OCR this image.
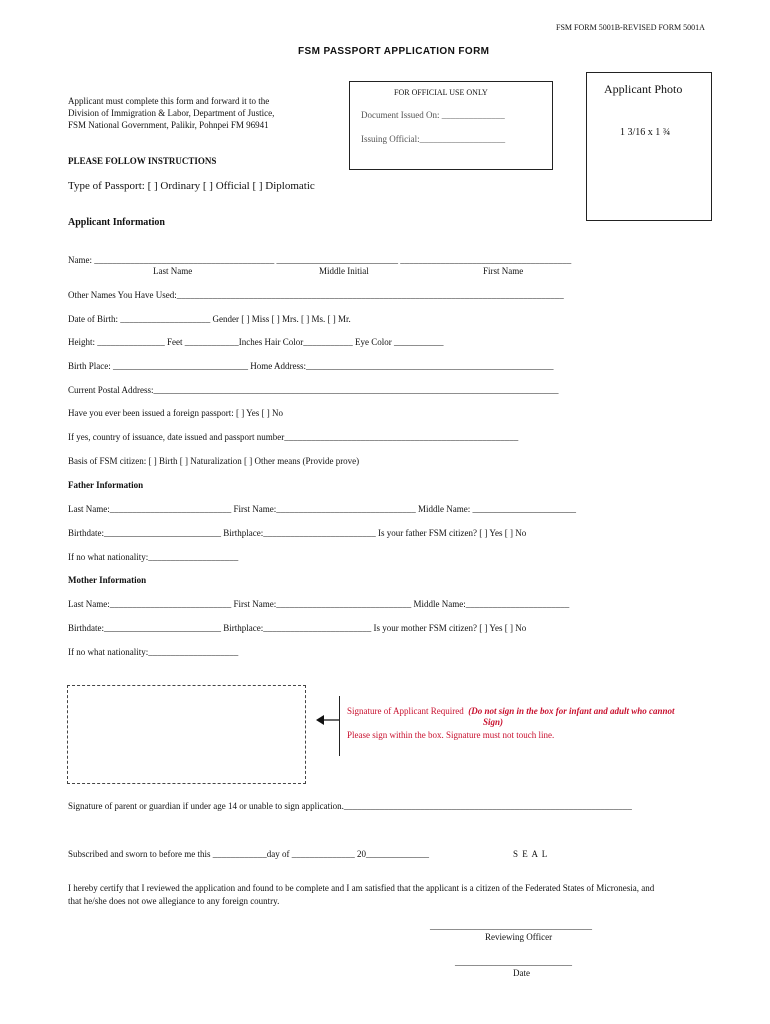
FSM FORM 5001B-REVISED FORM 5001A
FSM PASSPORT APPLICATION FORM
Applicant must complete this form and forward it to the
Division of Immigration & Labor, Department of Justice,
FSM National Government, Palikir, Pohnpei FM 96941
PLEASE FOLLOW INSTRUCTIONS
FOR OFFICIAL USE ONLY
Document Issued On: ______________
Issuing Official:___________________
Applicant Photo
1 3/16 x 1 ¾
Type of Passport: [ ] Ordinary [ ] Official [ ] Diplomatic
Applicant Information
Name: ________________________________________ ___________________________ ______________________________________
Last Name	Middle Initial	First Name
Other Names You Have Used:______________________________________________________________________________________
Date of Birth: ____________________ Gender [ ] Miss [ ] Mrs. [ ] Ms. [ ] Mr.
Height: _______________ Feet ____________Inches Hair Color___________ Eye Color ___________
Birth Place: ______________________________ Home Address:_______________________________________________________
Current Postal Address:__________________________________________________________________________________________
Have you ever been issued a foreign passport: [ ] Yes [ ] No
If yes, country of issuance, date issued and passport number____________________________________________________
Basis of FSM citizen: [ ] Birth [ ] Naturalization [ ] Other means (Provide prove)
Father Information
Last Name:___________________________ First Name:_______________________________ Middle Name: _______________________
Birthdate:__________________________ Birthplace:_________________________ Is your father FSM citizen? [ ] Yes [ ] No
If no what nationality:____________________
Mother Information
Last Name:___________________________ First Name:______________________________ Middle Name:_______________________
Birthdate:__________________________ Birthplace:________________________ Is your mother FSM citizen? [ ] Yes [ ] No
If no what nationality:____________________
Signature of Applicant Required (Do not sign in the box for infant and adult who cannot
Sign)
Please sign within the box. Signature must not touch line.
Signature of parent or guardian if under age 14 or unable to sign application.________________________________________________________________
Subscribed and sworn to before me this ____________day of ______________ 20______________	S E A L
I hereby certify that I reviewed the application and found to be complete and I am satisfied that the applicant is a citizen of the Federated States of Micronesia, and
that he/she does not owe allegiance to any foreign country.
____________________________________
Reviewing Officer
__________________________
Date
